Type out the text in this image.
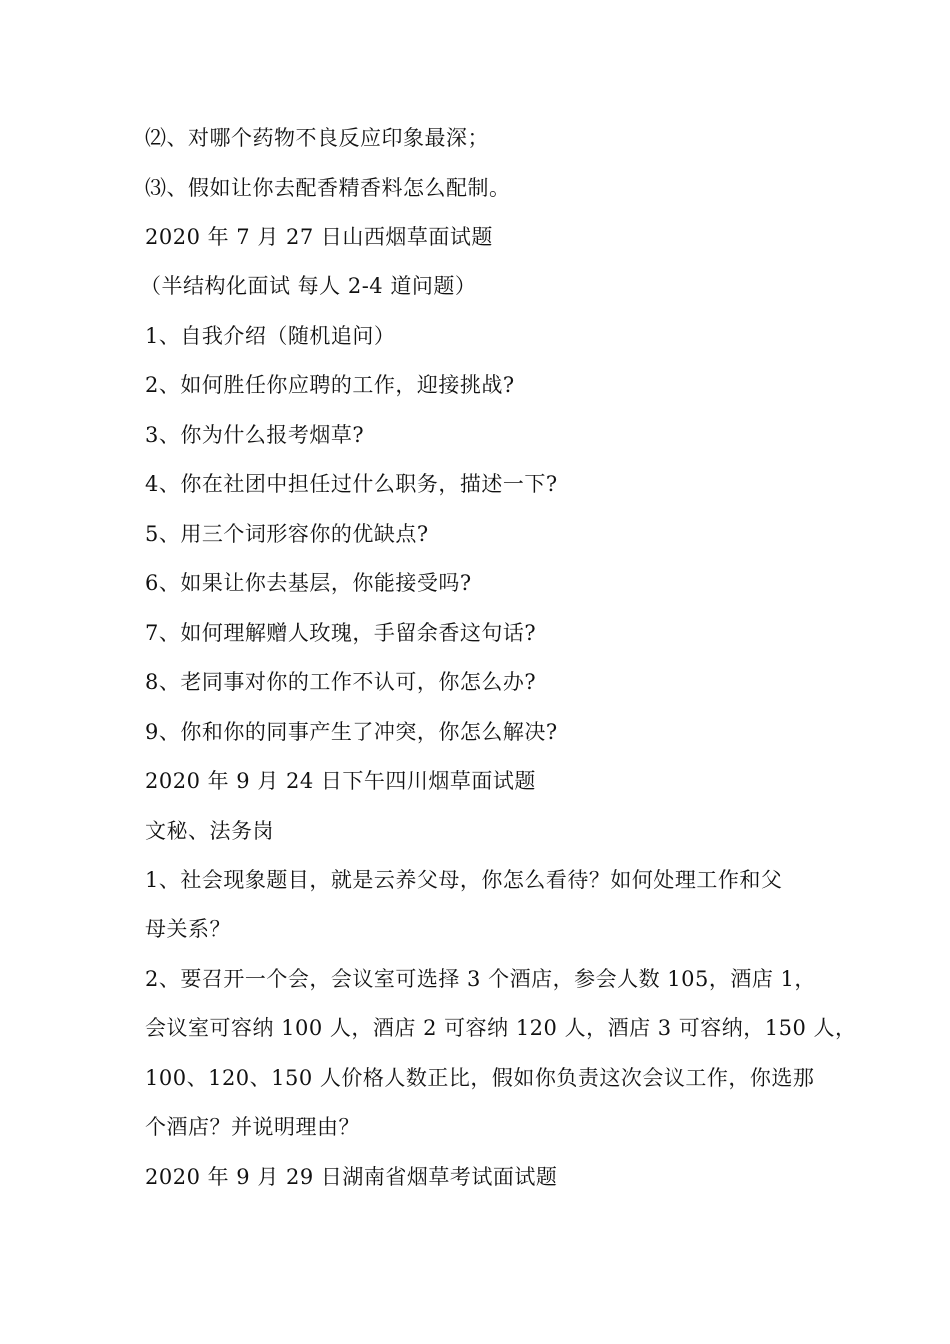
⑵、对哪个药物不良反应印象最深；
⑶、假如让你去配香精香料怎么配制。
2020 年 7 月 27 日山西烟草面试题
（半结构化面试 每人 2-4 道问题）
1、自我介绍（随机追问）
2、如何胜任你应聘的工作，迎接挑战?
3、你为什么报考烟草?
4、你在社团中担任过什么职务，描述一下?
5、用三个词形容你的优缺点?
6、如果让你去基层，你能接受吗?
7、如何理解赠人玫瑰，手留余香这句话?
8、老同事对你的工作不认可，你怎么办?
9、你和你的同事产生了冲突，你怎么解决?
2020 年 9 月 24 日下午四川烟草面试题
文秘、法务岗
1、社会现象题目，就是云养父母，你怎么看待？如何处理工作和父
母关系？
2、要召开一个会，会议室可选择 3 个酒店，参会人数 105，酒店 1，
会议室可容纳 100 人，酒店 2 可容纳 120 人，酒店 3 可容纳，150 人，
100、120、150 人价格人数正比，假如你负责这次会议工作，你选那
个酒店？并说明理由？
2020 年 9 月 29 日湖南省烟草考试面试题
